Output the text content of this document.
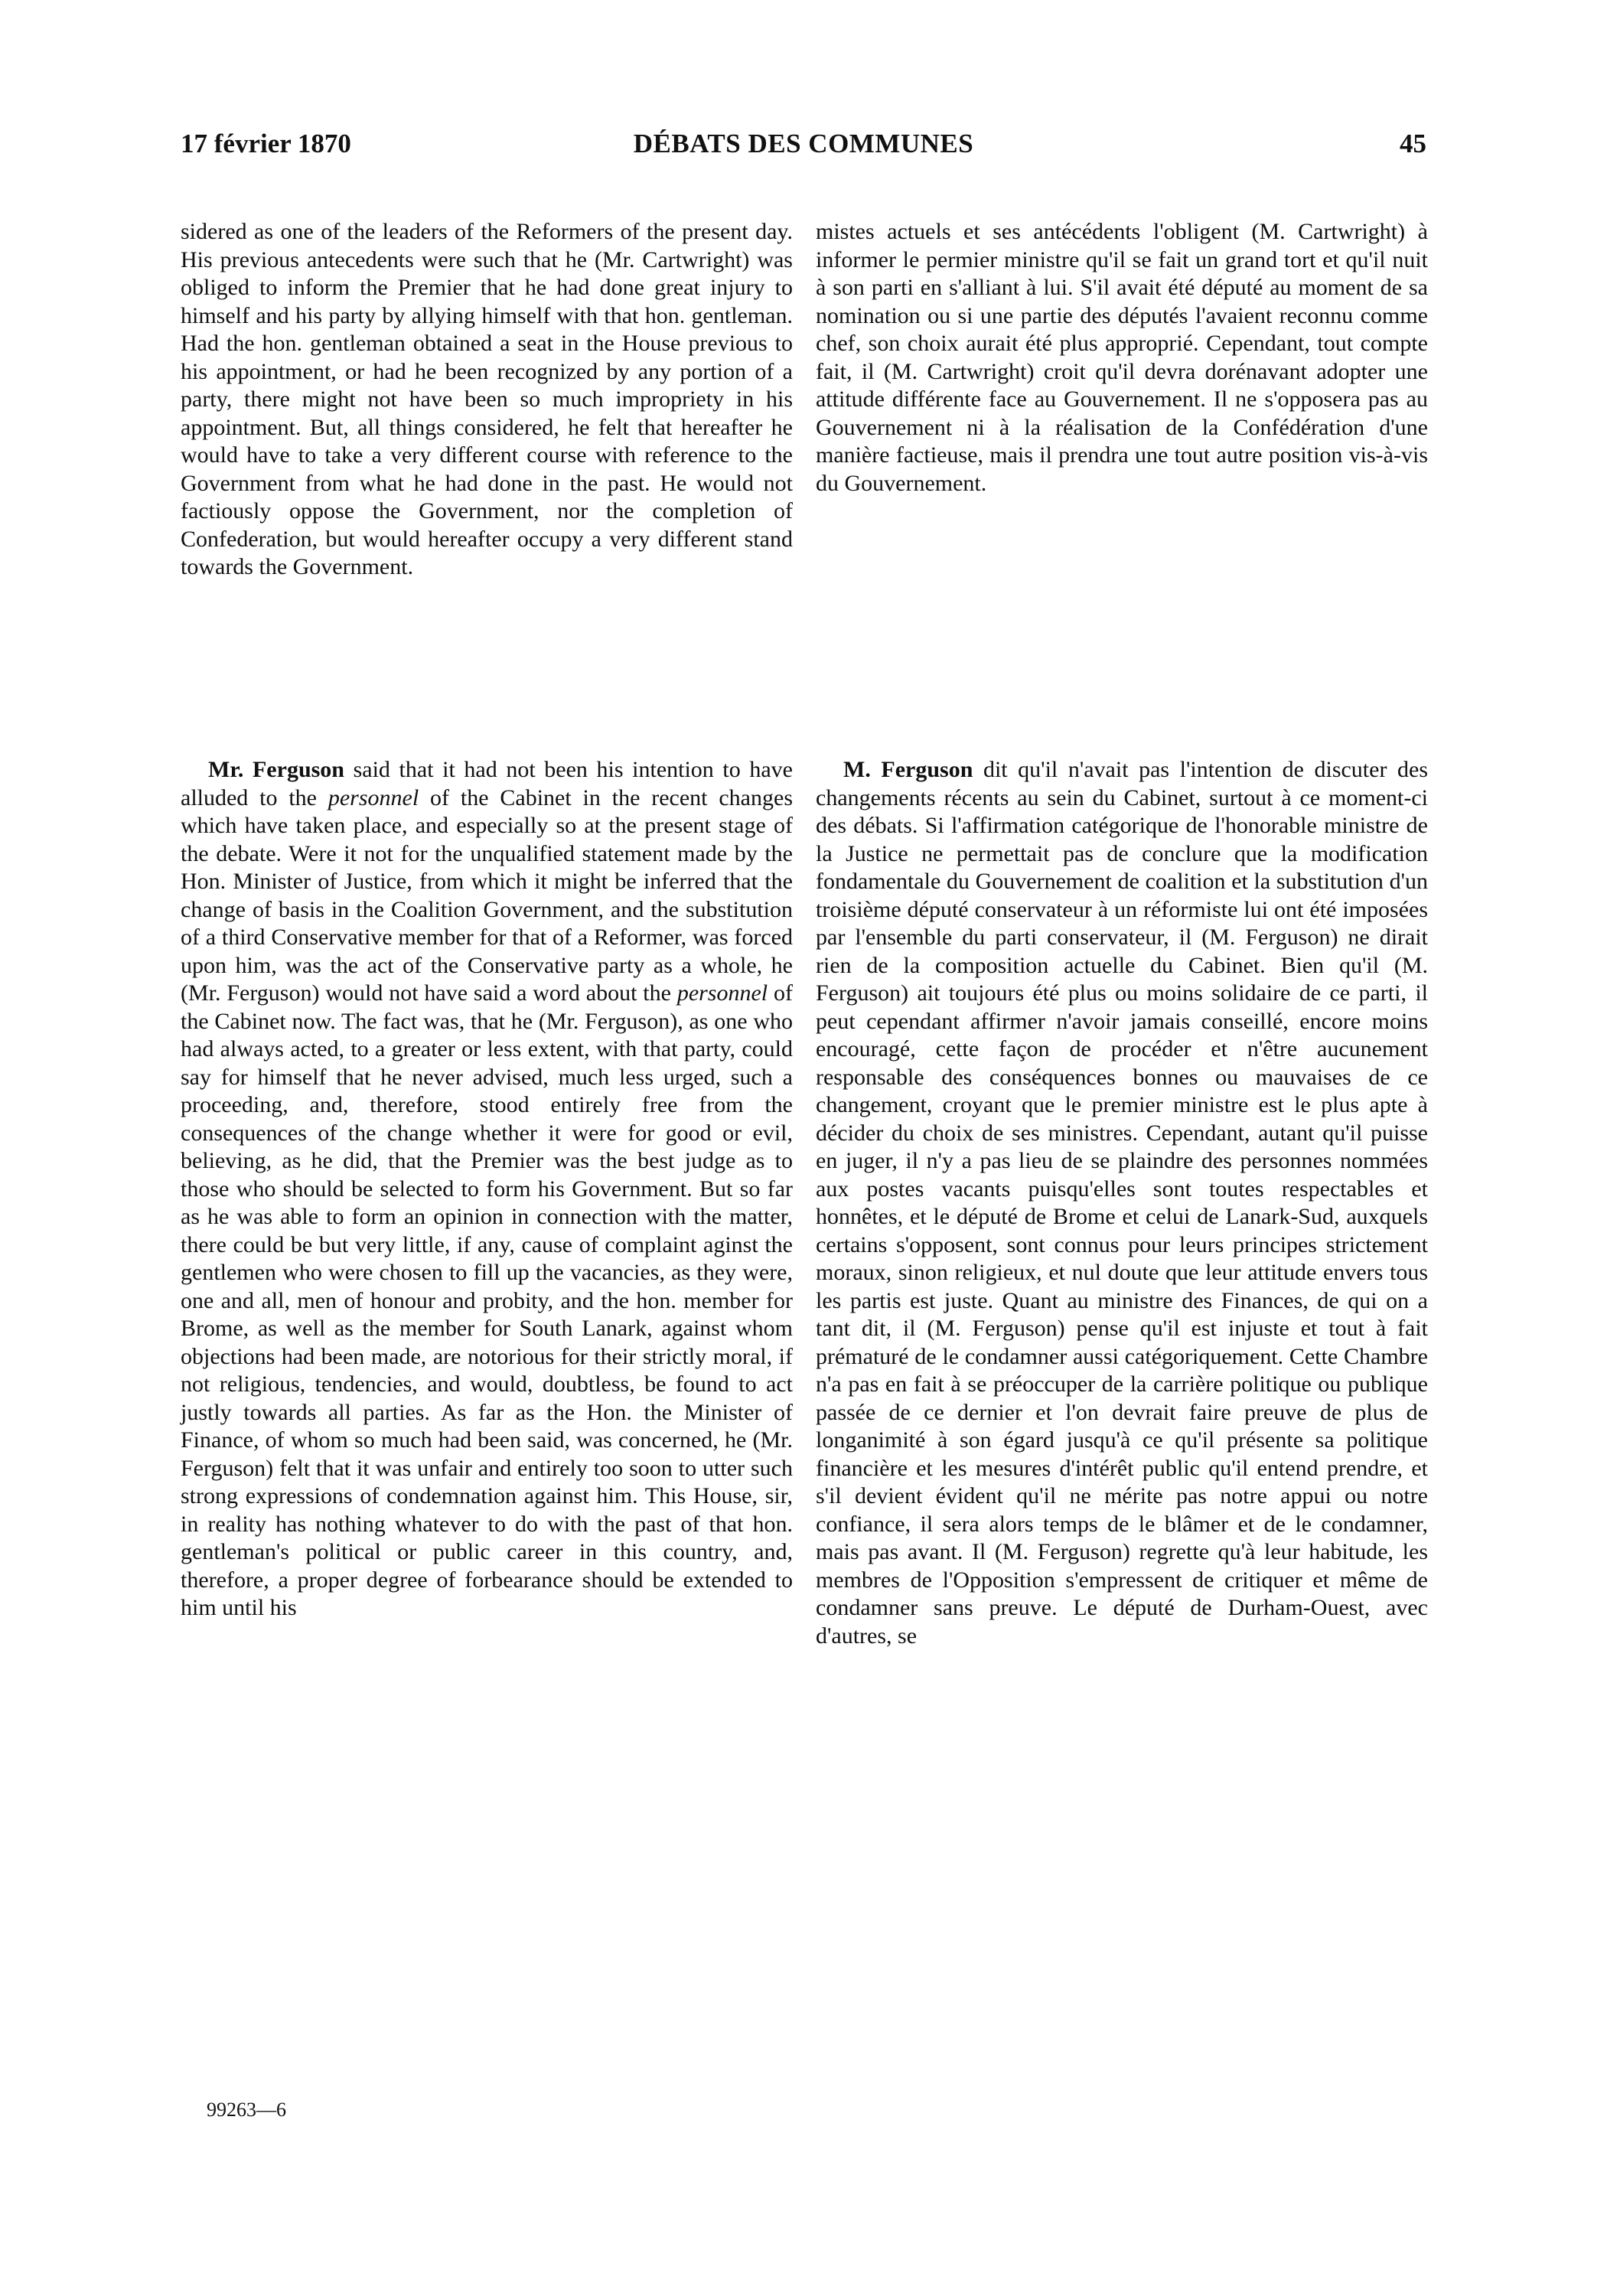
17 février 1870	DÉBATS DES COMMUNES	45

sidered as one of the leaders of the Reformers of the present day. His previous antecedents were such that he (Mr. Cartwright) was obliged to inform the Premier that he had done great injury to himself and his party by allying himself with that hon. gentleman. Had the hon. gentleman obtained a seat in the House previous to his appointment, or had he been recognized by any portion of a party, there might not have been so much impropriety in his appointment. But, all things considered, he felt that hereafter he would have to take a very different course with reference to the Government from what he had done in the past. He would not factiously oppose the Government, nor the completion of Confederation, but would hereafter occupy a very different stand towards the Government.

mistes actuels et ses antécédents l'obligent (M. Cartwright) à informer le permier ministre qu'il se fait un grand tort et qu'il nuit à son parti en s'alliant à lui. S'il avait été député au moment de sa nomination ou si une partie des députés l'avaient reconnu comme chef, son choix aurait été plus approprié. Cependant, tout compte fait, il (M. Cartwright) croit qu'il devra dorénavant adopter une attitude différente face au Gouvernement. Il ne s'opposera pas au Gouvernement ni à la réalisation de la Confédération d'une manière factieuse, mais il prendra une tout autre position vis-à-vis du Gouvernement.

Mr. Ferguson said that it had not been his intention to have alluded to the personnel of the Cabinet in the recent changes which have taken place, and especially so at the present stage of the debate. Were it not for the unqualified statement made by the Hon. Minister of Justice, from which it might be inferred that the change of basis in the Coalition Government, and the substitution of a third Conservative member for that of a Reformer, was forced upon him, was the act of the Conservative party as a whole, he (Mr. Ferguson) would not have said a word about the personnel of the Cabinet now. The fact was, that he (Mr. Ferguson), as one who had always acted, to a greater or less extent, with that party, could say for himself that he never advised, much less urged, such a proceeding, and, therefore, stood entirely free from the consequences of the change whether it were for good or evil, believing, as he did, that the Premier was the best judge as to those who should be selected to form his Government. But so far as he was able to form an opinion in connection with the matter, there could be but very little, if any, cause of complaint aginst the gentlemen who were chosen to fill up the vacancies, as they were, one and all, men of honour and probity, and the hon. member for Brome, as well as the member for South Lanark, against whom objections had been made, are notorious for their strictly moral, if not religious, tendencies, and would, doubtless, be found to act justly towards all parties. As far as the Hon. the Minister of Finance, of whom so much had been said, was concerned, he (Mr. Ferguson) felt that it was unfair and entirely too soon to utter such strong expressions of condemnation against him. This House, sir, in reality has nothing whatever to do with the past of that hon. gentleman's political or public career in this country, and, therefore, a proper degree of forbearance should be extended to him until his

M. Ferguson dit qu'il n'avait pas l'intention de discuter des changements récents au sein du Cabinet, surtout à ce moment-ci des débats. Si l'affirmation catégorique de l'honorable ministre de la Justice ne permettait pas de conclure que la modification fondamentale du Gouvernement de coalition et la substitution d'un troisième député conservateur à un réformiste lui ont été imposées par l'ensemble du parti conservateur, il (M. Ferguson) ne dirait rien de la composition actuelle du Cabinet. Bien qu'il (M. Ferguson) ait toujours été plus ou moins solidaire de ce parti, il peut cependant affirmer n'avoir jamais conseillé, encore moins encouragé, cette façon de procéder et n'être aucunement responsable des conséquences bonnes ou mauvaises de ce changement, croyant que le premier ministre est le plus apte à décider du choix de ses ministres. Cependant, autant qu'il puisse en juger, il n'y a pas lieu de se plaindre des personnes nommées aux postes vacants puisqu'elles sont toutes respectables et honnêtes, et le député de Brome et celui de Lanark-Sud, auxquels certains s'opposent, sont connus pour leurs principes strictement moraux, sinon religieux, et nul doute que leur attitude envers tous les partis est juste. Quant au ministre des Finances, de qui on a tant dit, il (M. Ferguson) pense qu'il est injuste et tout à fait prématuré de le condamner aussi catégoriquement. Cette Chambre n'a pas en fait à se préoccuper de la carrière politique ou publique passée de ce dernier et l'on devrait faire preuve de plus de longanimité à son égard jusqu'à ce qu'il présente sa politique financière et les mesures d'intérêt public qu'il entend prendre, et s'il devient évident qu'il ne mérite pas notre appui ou notre confiance, il sera alors temps de le blâmer et de le condamner, mais pas avant. Il (M. Ferguson) regrette qu'à leur habitude, les membres de l'Opposition s'empressent de critiquer et même de condamner sans preuve. Le député de Durham-Ouest, avec d'autres, se

99263—6
